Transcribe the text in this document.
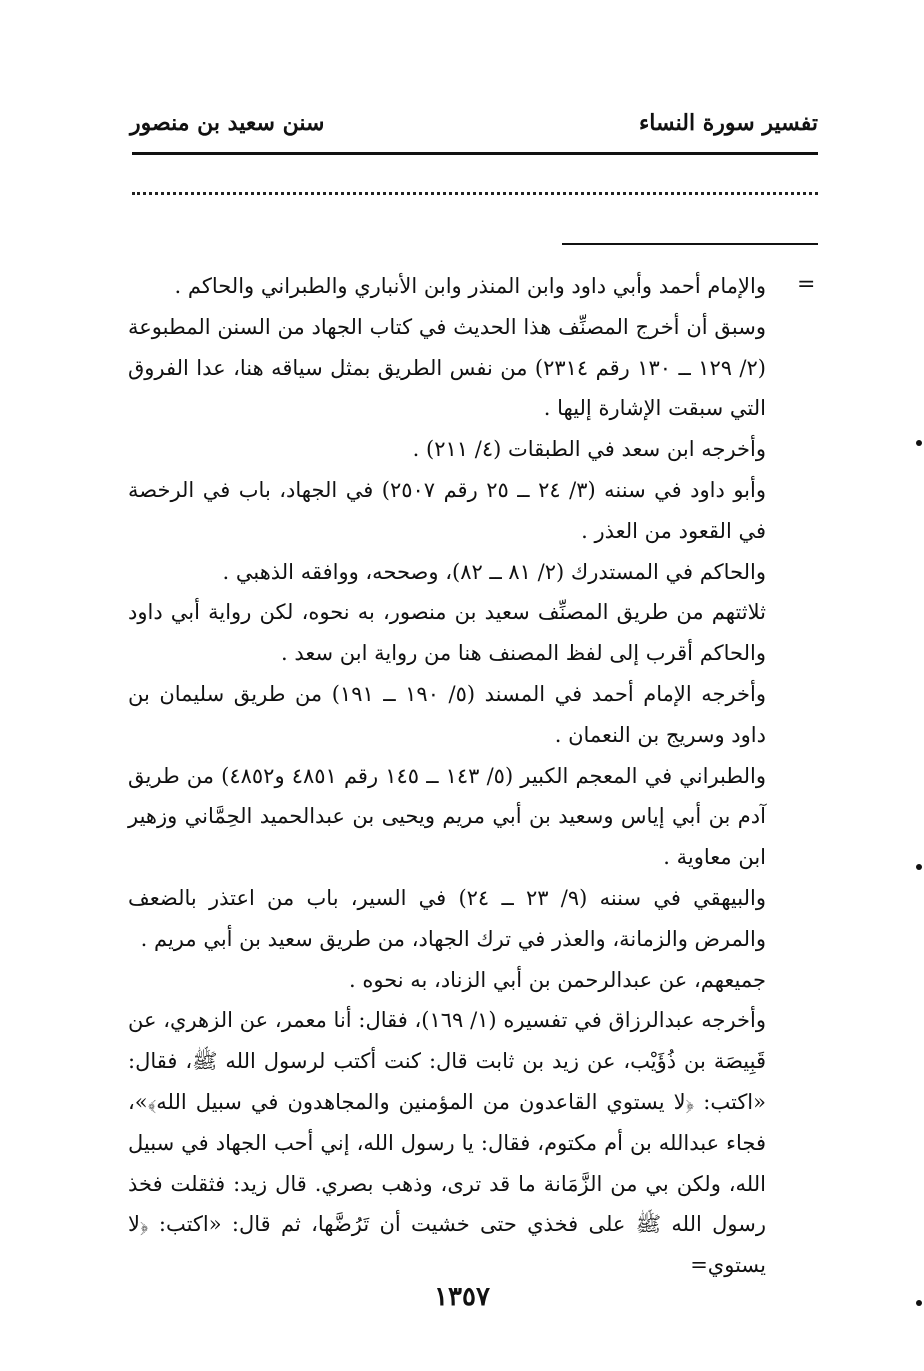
تفسير سورة النساء
سنن سعيد بن منصور
=

والإمام أحمد وأبي داود وابن المنذر وابن الأنباري والطبراني والحاكم .

وسبق أن أخرج المصنِّف هذا الحديث في كتاب الجهاد من السنن المطبوعة (٢/ ١٢٩ ــ ١٣٠ رقم ٢٣١٤) من نفس الطريق بمثل سياقه هنا، عدا الفروق التي سبقت الإشارة إليها .

وأخرجه ابن سعد في الطبقات (٤/ ٢١١) .

وأبو داود في سننه (٣/ ٢٤ ــ ٢٥ رقم ٢٥٠٧) في الجهاد، باب في الرخصة في القعود من العذر .

والحاكم في المستدرك (٢/ ٨١ ــ ٨٢)، وصححه، ووافقه الذهبي .

ثلاثتهم من طريق المصنِّف سعيد بن منصور، به نحوه، لكن رواية أبي داود والحاكم أقرب إلى لفظ المصنف هنا من رواية ابن سعد .

وأخرجه الإمام أحمد في المسند (٥/ ١٩٠ ــ ١٩١) من طريق سليمان بن داود وسريج بن النعمان .

والطبراني في المعجم الكبير (٥/ ١٤٣ ــ ١٤٥ رقم ٤٨٥١ و٤٨٥٢) من طريق آدم بن أبي إياس وسعيد بن أبي مريم ويحيى بن عبدالحميد الحِمَّاني وزهير ابن معاوية .

والبيهقي في سننه (٩/ ٢٣ ــ ٢٤) في السير، باب من اعتذر بالضعف والمرض والزمانة، والعذر في ترك الجهاد، من طريق سعيد بن أبي مريم .

جميعهم، عن عبدالرحمن بن أبي الزناد، به نحوه .

وأخرجه عبدالرزاق في تفسيره (١/ ١٦٩)، فقال: أنا معمر، عن الزهري، عن قَبِيصَة بن ذُؤَيْب، عن زيد بن ثابت قال: كنت أكتب لرسول الله ﷺ، فقال: «اكتب: ﴿لا يستوي القاعدون من المؤمنين والمجاهدون في سبيل الله﴾»، فجاء عبدالله بن أم مكتوم، فقال: يا رسول الله، إني أحب الجهاد في سبيل الله، ولكن بي من الزَّمَانة ما قد ترى، وذهب بصري. قال زيد: فثقلت فخذ رسول الله ﷺ على فخذي حتى خشيت أن تَرُضَّها، ثم قال: «اكتب: ﴿لا يستوي=

١٣٥٧
